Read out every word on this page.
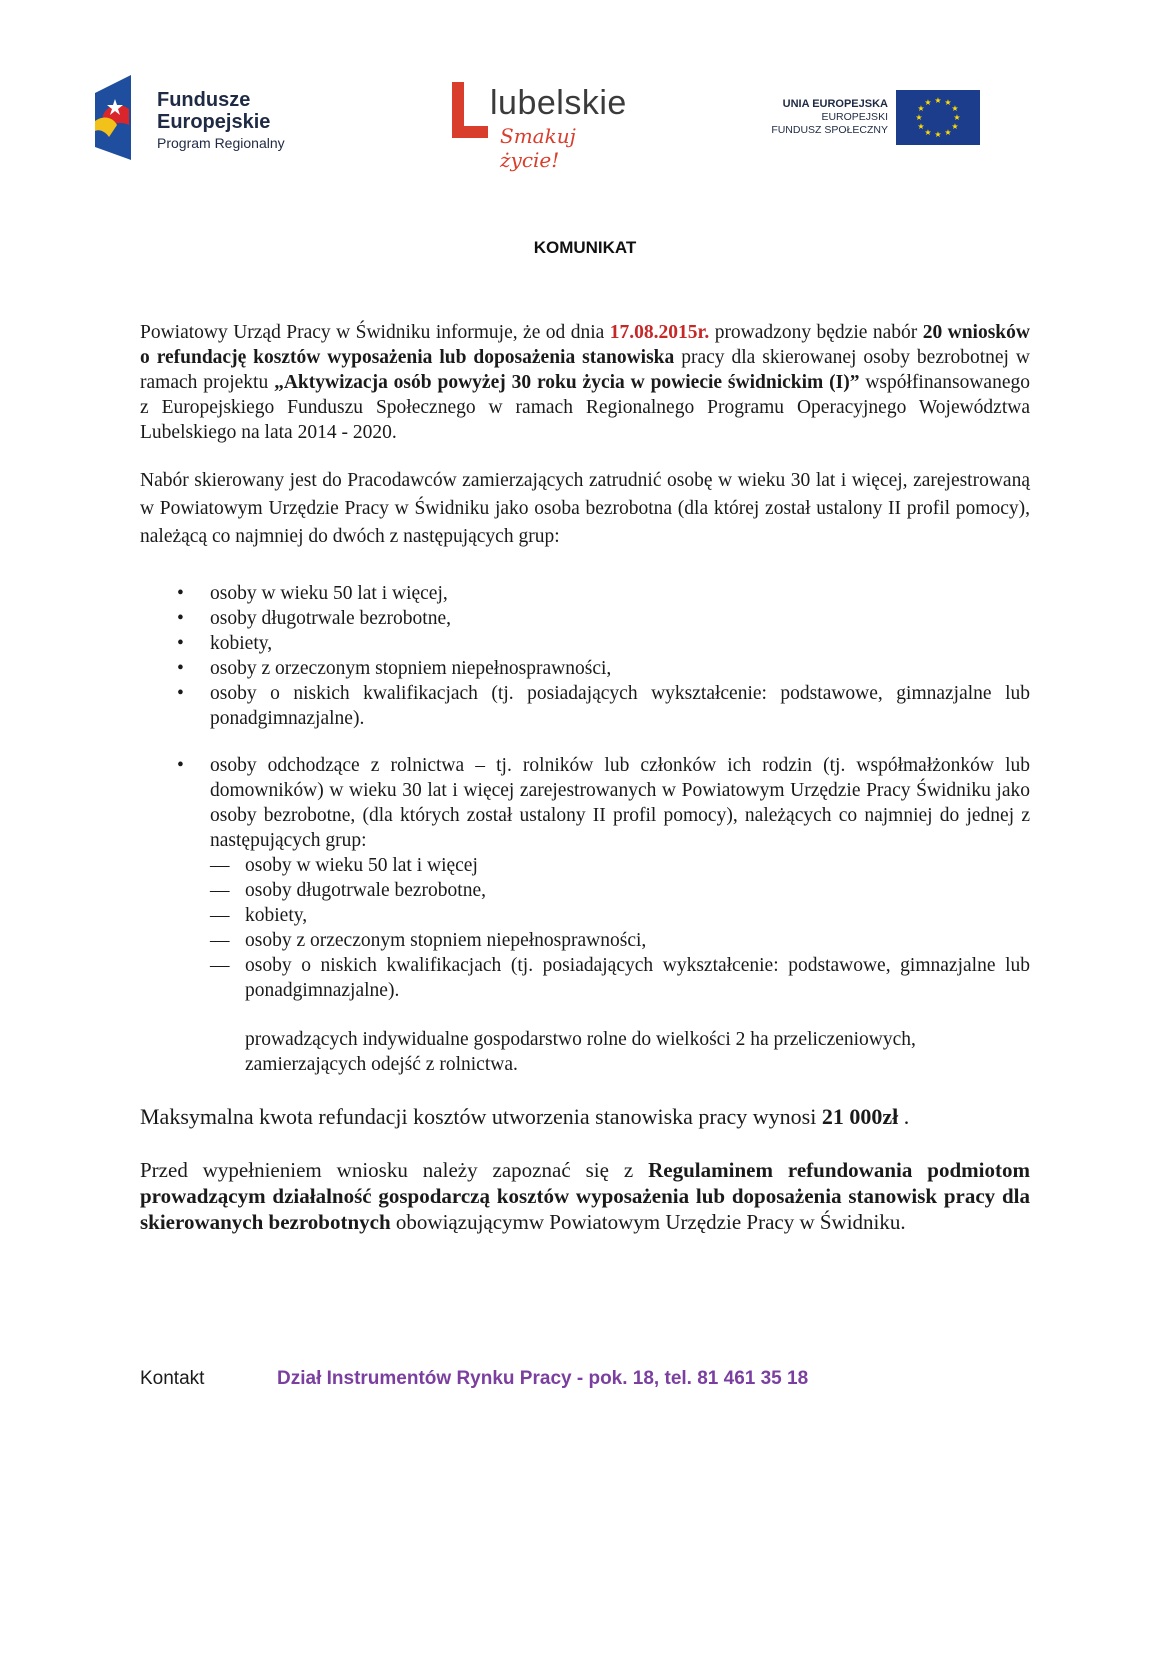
Fundusze
Europejskie
Program Regionalny
lubelskie
Smakuj życie!
UNIA EUROPEJSKA
EUROPEJSKI
FUNDUSZ SPOŁECZNY
★ ★
★
★
★
★
★
★
★
★
★
★
KOMUNIKAT

Powiatowy Urząd Pracy w Świdniku informuje, że od dnia 17.08.2015r. prowadzony będzie nabór 20 wniosków o refundację kosztów wyposażenia lub doposażenia stanowiska pracy dla skierowanej osoby bezrobotnej w ramach projektu „Aktywizacja osób powyżej 30 roku życia w powiecie świdnickim (I)” współfinansowanego z Europejskiego Funduszu Społecznego w ramach Regionalnego Programu Operacyjnego Województwa Lubelskiego na lata 2014 - 2020.

Nabór skierowany jest do Pracodawców zamierzających zatrudnić osobę w wieku 30 lat i więcej, zarejestrowaną w Powiatowym Urzędzie Pracy w Świdniku jako osoba bezrobotna (dla której został ustalony II profil pomocy), należącą co najmniej do dwóch z następujących grup:

• osoby w wieku 50 lat i więcej,
• osoby długotrwale bezrobotne,
• kobiety,
• osoby z orzeczonym stopniem niepełnosprawności,
• osoby o niskich kwalifikacjach (tj. posiadających wykształcenie: podstawowe, gimnazjalne lub ponadgimnazjalne).
• osoby odchodzące z rolnictwa – tj. rolników lub członków ich rodzin (tj. współmałżonków lub domowników) w wieku 30 lat i więcej zarejestrowanych w Powiatowym Urzędzie Pracy Świdniku jako osoby bezrobotne, (dla których został ustalony II profil pomocy), należących co najmniej do jednej z następujących grup:
— osoby w wieku 50 lat i więcej
— osoby długotrwale bezrobotne,
— kobiety,
— osoby z orzeczonym stopniem niepełnosprawności,
— osoby o niskich kwalifikacjach (tj. posiadających wykształcenie: podstawowe, gimnazjalne lub ponadgimnazjalne).

prowadzących indywidualne gospodarstwo rolne do wielkości 2 ha przeliczeniowych, zamierzających odejść z rolnictwa.

Maksymalna kwota refundacji kosztów utworzenia stanowiska pracy wynosi 21 000zł .

Przed wypełnieniem wniosku należy zapoznać się z Regulaminem refundowania podmiotom prowadzącym działalność gospodarczą kosztów wyposażenia lub doposażenia stanowisk pracy dla skierowanych bezrobotnych obowiązującymw Powiatowym Urzędzie Pracy w Świdniku.

Kontakt	Dział Instrumentów Rynku Pracy - pok. 18, tel. 81 461 35 18
